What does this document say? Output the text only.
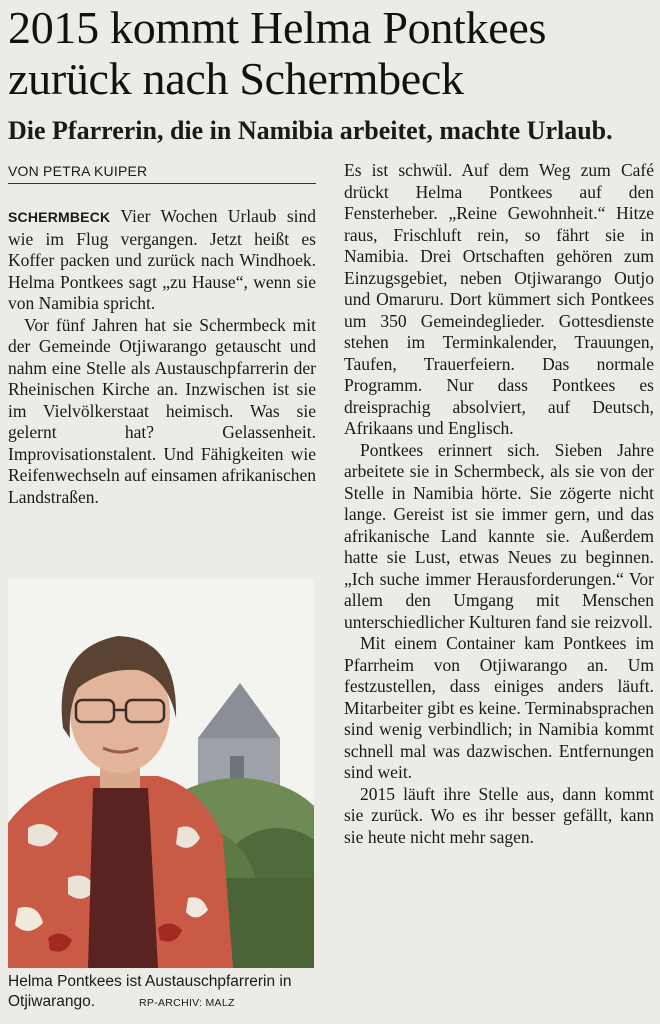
2015 kommt Helma Pontkees zurück nach Schermbeck
Die Pfarrerin, die in Namibia arbeitet, machte Urlaub.
VON PETRA KUIPER

SCHERMBECK Vier Wochen Urlaub sind wie im Flug vergangen. Jetzt heißt es Koffer packen und zurück nach Windhoek. Helma Pontkees sagt „zu Hause“, wenn sie von Namibia spricht.

Vor fünf Jahren hat sie Schermbeck mit der Gemeinde Otjiwarango getauscht und nahm eine Stelle als Austauschpfarrerin der Rheinischen Kirche an. Inzwischen ist sie im Vielvölkerstaat heimisch. Was sie gelernt hat? Gelassenheit. Improvisationstalent. Und Fähigkeiten wie Reifenwechseln auf einsamen afrikanischen Landstraßen.

Es ist schwül. Auf dem Weg zum Café drückt Helma Pontkees auf den Fensterheber. „Reine Gewohnheit.“ Hitze raus, Frischluft rein, so fährt sie in Namibia. Drei Ortschaften gehören zum Einzugsgebiet, neben Otjiwarango Outjo und Omaruru. Dort kümmert sich Pontkees um 350 Gemeindeglieder. Gottesdienste stehen im Terminkalender, Trauungen, Taufen, Trauerfeiern. Das normale Programm. Nur dass Pontkees es dreisprachig absolviert, auf Deutsch, Afrikaans und Englisch.

Pontkees erinnert sich. Sieben Jahre arbeitete sie in Schermbeck, als sie von der Stelle in Namibia hörte. Sie zögerte nicht lange. Gereist ist sie immer gern, und das afrikanische Land kannte sie. Außerdem hatte sie Lust, etwas Neues zu beginnen. „Ich suche immer Herausforderungen.“ Vor allem den Umgang mit Menschen unterschiedlicher Kulturen fand sie reizvoll.

Mit einem Container kam Pontkees im Pfarrheim von Otjiwarango an. Um festzustellen, dass einiges anders läuft. Mitarbeiter gibt es keine. Terminabsprachen sind wenig verbindlich; in Namibia kommt schnell mal was dazwischen. Entfernungen sind weit.

2015 läuft ihre Stelle aus, dann kommt sie zurück. Wo es ihr besser gefällt, kann sie heute nicht mehr sagen.

Helma Pontkees ist Austauschpfarrerin in Otjiwarango.	RP-ARCHIV: MALZ
